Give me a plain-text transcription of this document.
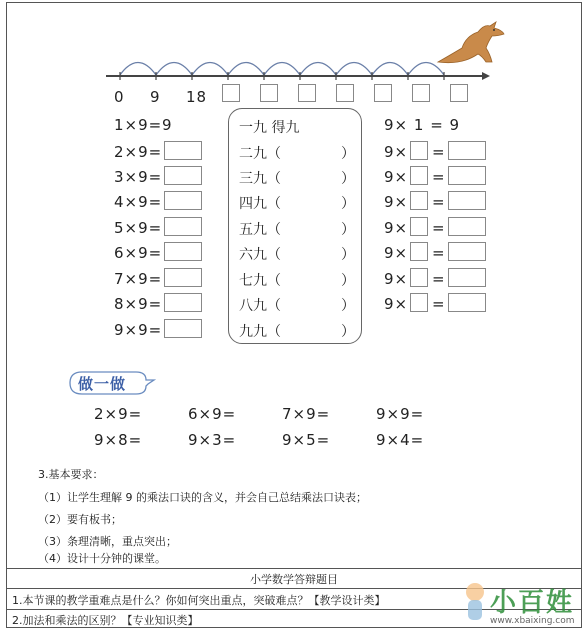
0 9 18
1×9= 9
2×9=
3×9=
4×9=
5×9=
6×9=
7×9=
8×9=
9×9=
一九 得九
二九（	）
三九（	）
四九（	）
五九（	）
六九（	）
七九（	）
八九（	）
九九（	）
9× 1 = 9
9× =
9× =
9× =
9× =
9× =
9× =
9× =
做一做
2×9=	6×9=	7×9=	9×9=
9×8=	9×3=	9×5=	9×4=
3.基本要求：
（1）让学生理解 9 的乘法口诀的含义，并会自己总结乘法口诀表；
（2）要有板书；
（3）条理清晰，重点突出；
（4）设计十分钟的课堂。
小学数学答辩题目
1.本节课的教学重难点是什么？你如何突出重点，突破难点？【教学设计类】
2.加法和乘法的区别？【专业知识类】
小百姓
www.xbaixing.com
